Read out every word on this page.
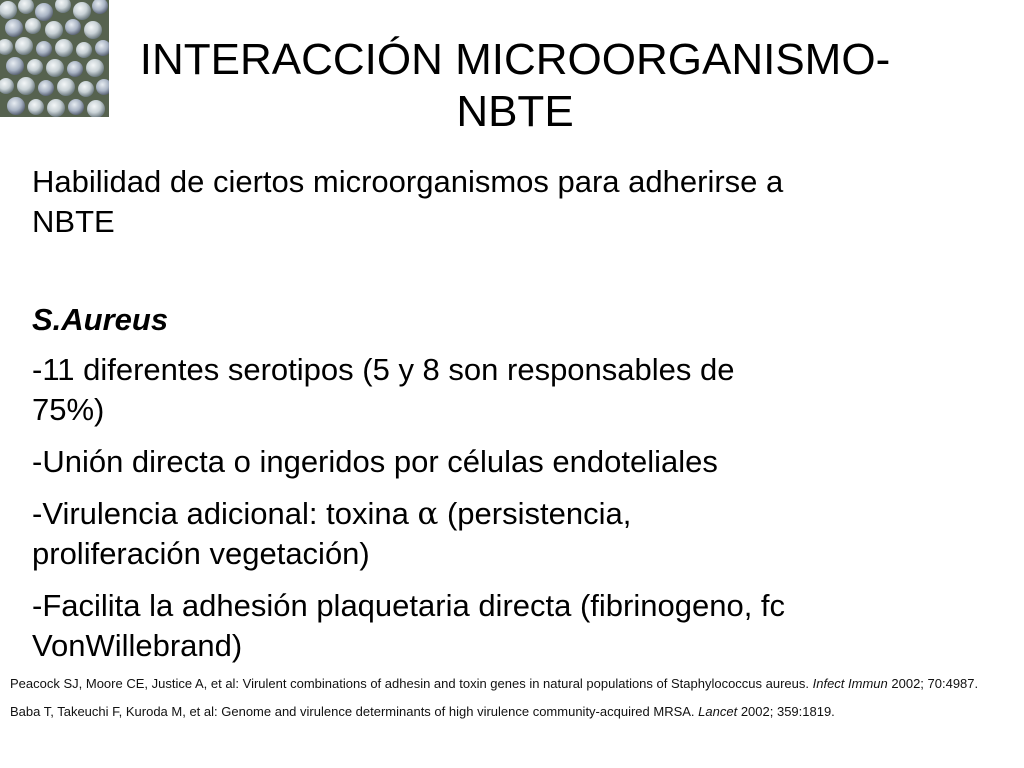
INTERACCIÓN MICROORGANISMO-
NBTE

Habilidad de ciertos microorganismos para adherirse a
NBTE

S.Aureus

-11 diferentes serotipos (5 y 8 son responsables de
75%)

-Unión directa o ingeridos por células endoteliales

-Virulencia adicional: toxina α (persistencia,
proliferación vegetación)

-Facilita la adhesión plaquetaria directa (fibrinogeno, fc
VonWillebrand)

Peacock SJ, Moore CE, Justice A, et al: Virulent combinations of adhesin and toxin genes in natural populations of Staphylococcus aureus. Infect Immun 2002; 70:4987.

Baba T, Takeuchi F, Kuroda M, et al: Genome and virulence determinants of high virulence community-acquired MRSA. Lancet 2002; 359:1819.
